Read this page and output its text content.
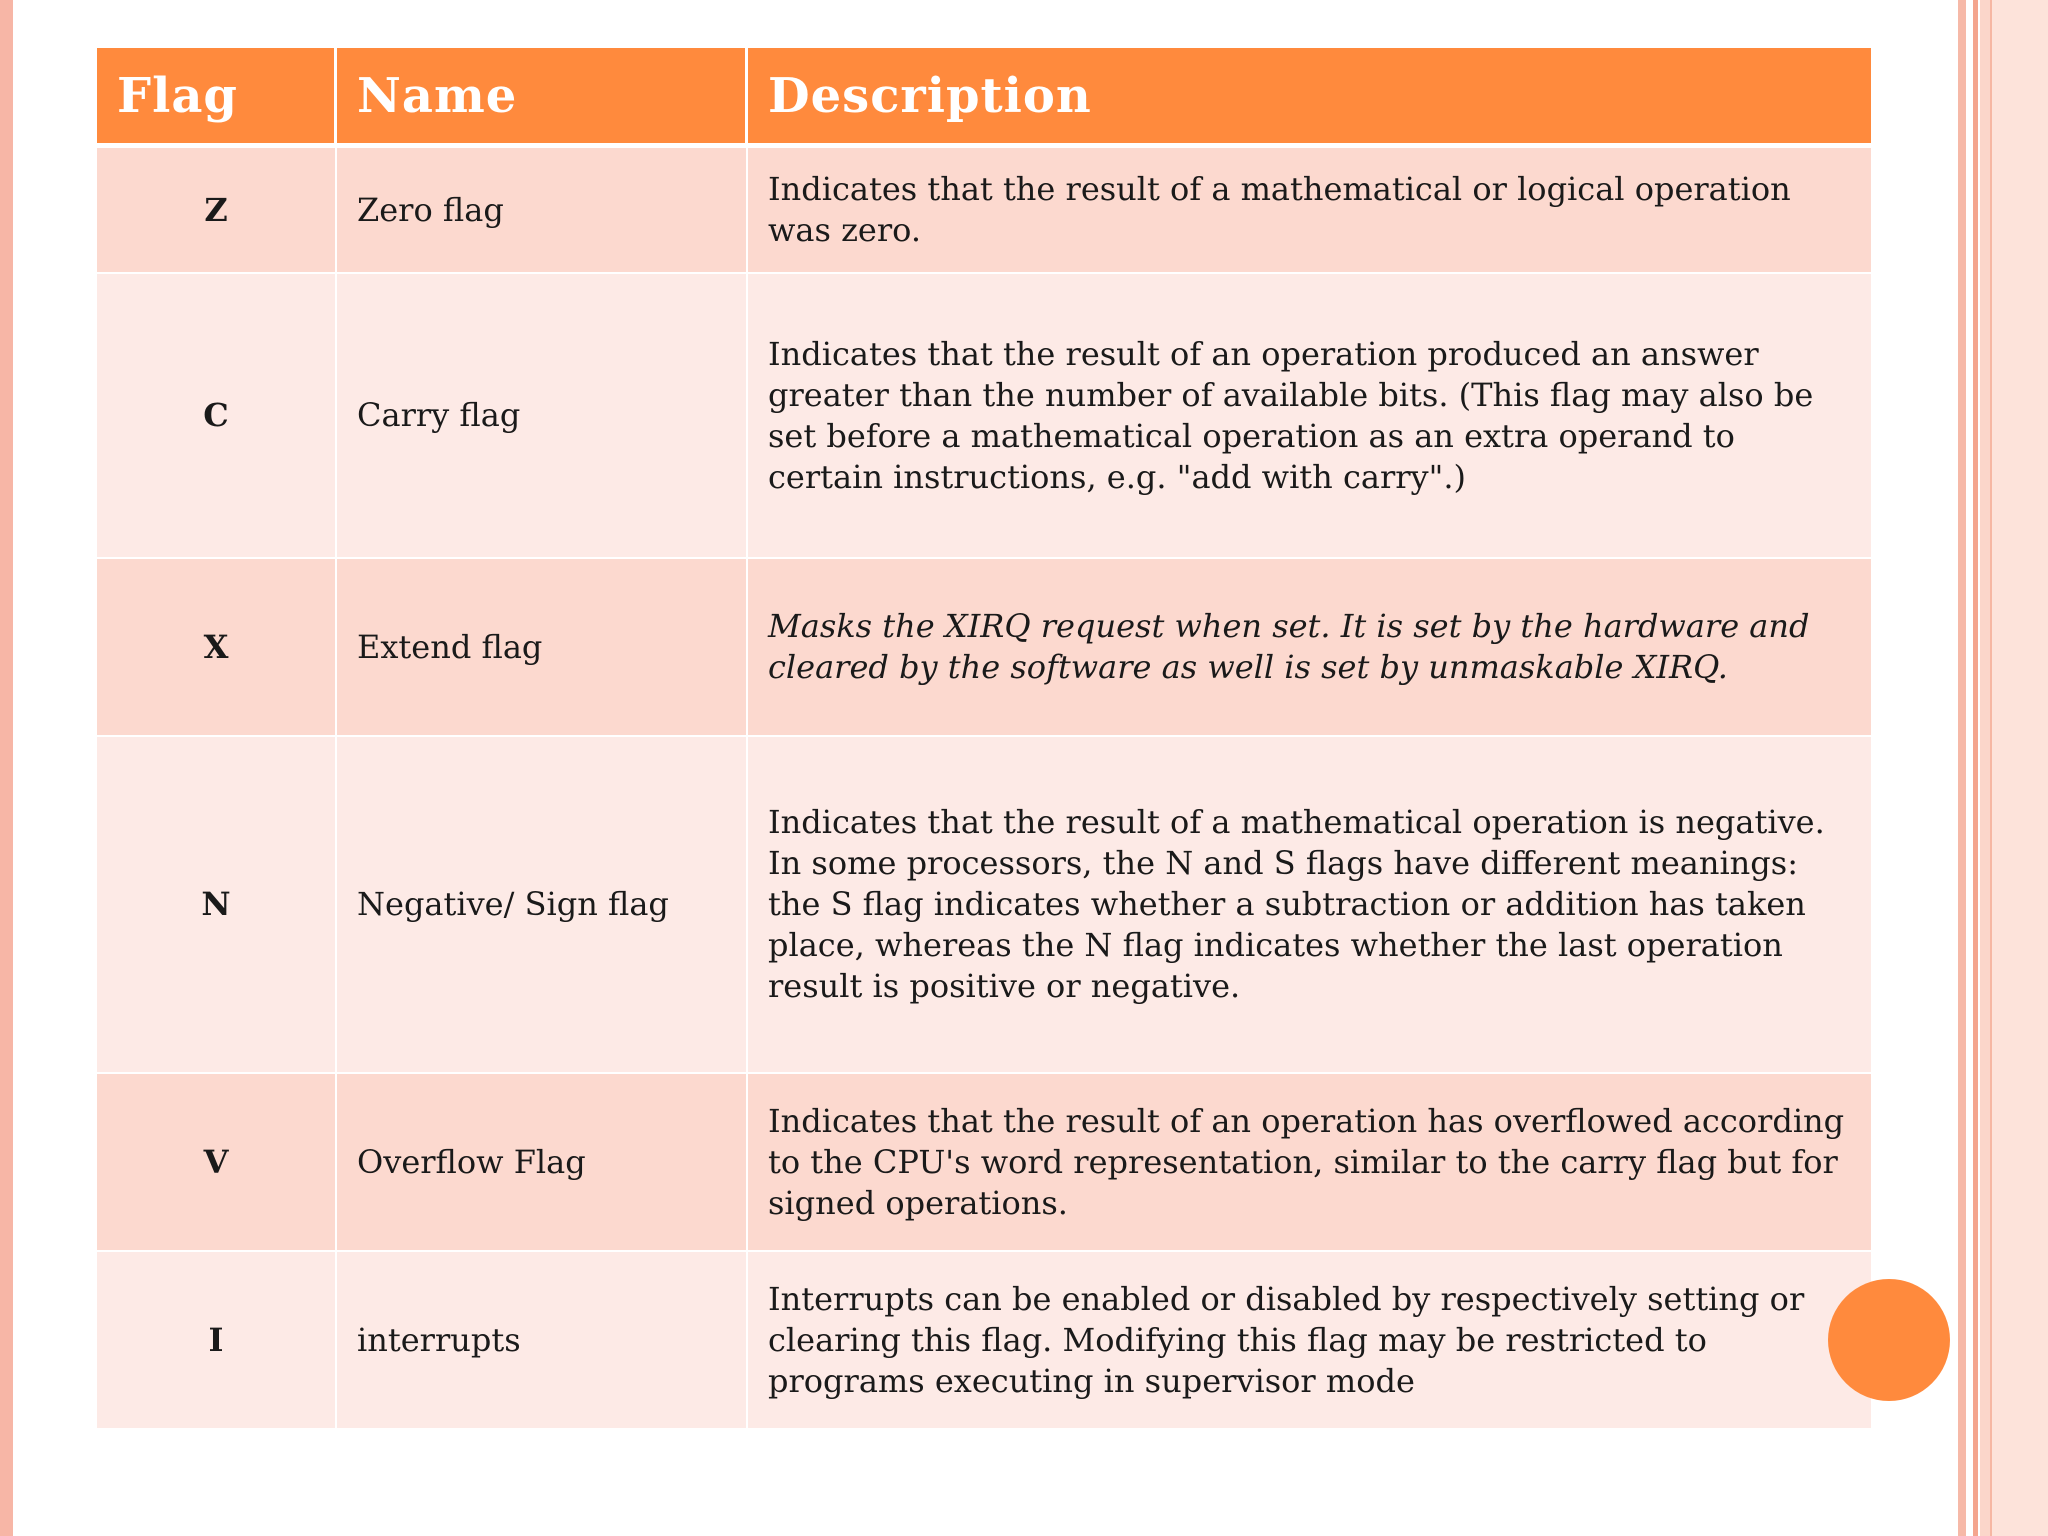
Flag	Name	Description
Z	Zero flag	Indicates that the result of a mathematical or logical operation was zero.
C	Carry flag	Indicates that the result of an operation produced an answer greater than the number of available bits. (This flag may also be set before a mathematical operation as an extra operand to certain instructions, e.g. "add with carry".)
X	Extend flag	Masks the XIRQ request when set. It is set by the hardware and cleared by the software as well is set by unmaskable XIRQ.
N	Negative/ Sign flag	Indicates that the result of a mathematical operation is negative. In some processors, the N and S flags have different meanings: the S flag indicates whether a subtraction or addition has taken place, whereas the N flag indicates whether the last operation result is positive or negative.
V	Overflow Flag	Indicates that the result of an operation has overflowed according to the CPU's word representation, similar to the carry flag but for signed operations.
I	interrupts	Interrupts can be enabled or disabled by respectively setting or clearing this flag. Modifying this flag may be restricted to programs executing in supervisor mode
